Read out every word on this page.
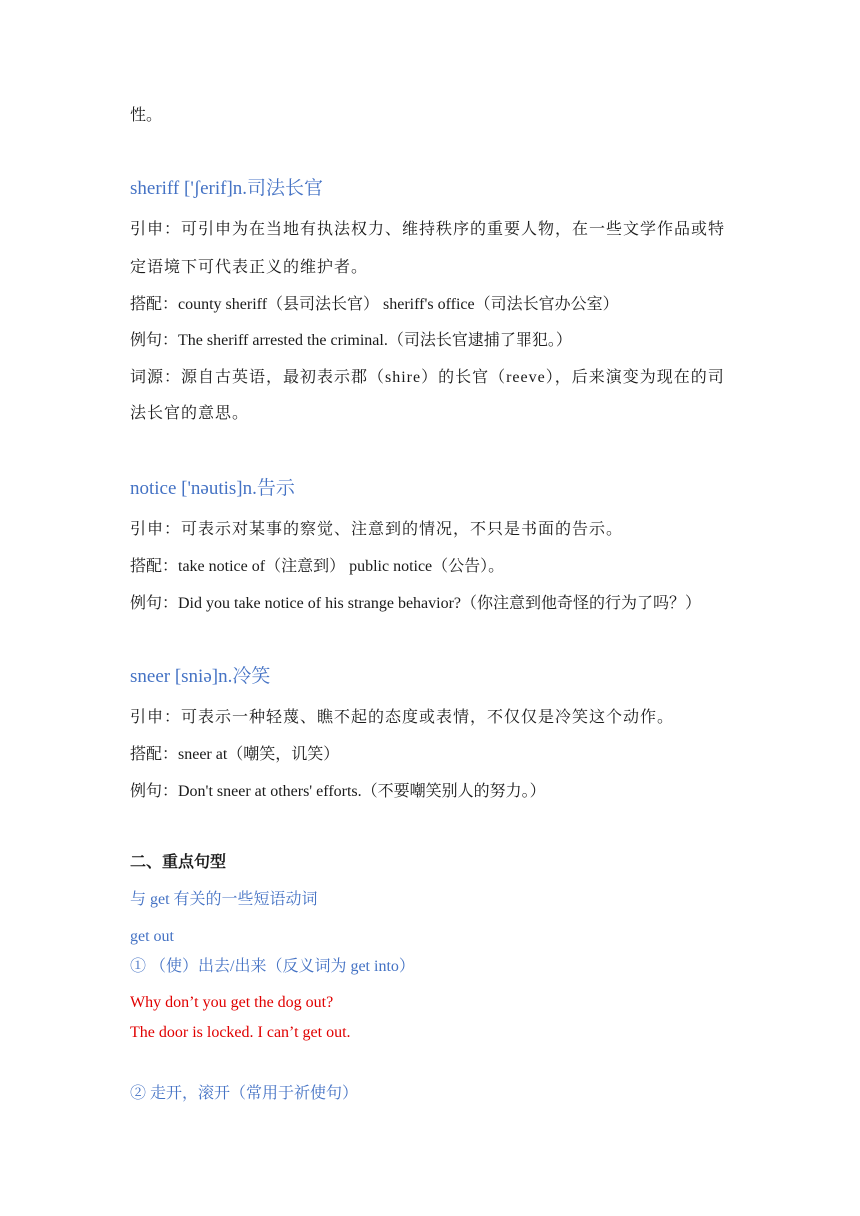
性。
sheriff ['ʃerif]n.司法长官
引申：可引申为在当地有执法权力、维持秩序的重要人物，在一些文学作品或特
定语境下可代表正义的维护者。
搭配：county sheriff（县司法长官） sheriff's office（司法长官办公室）
例句：The sheriff arrested the criminal.（司法长官逮捕了罪犯。）
词源：源自古英语，最初表示郡（shire）的长官（reeve），后来演变为现在的司
法长官的意思。
notice ['nəutis]n.告示
引申：可表示对某事的察觉、注意到的情况，不只是书面的告示。
搭配：take notice of（注意到） public notice（公告）。
例句：Did you take notice of his strange behavior?（你注意到他奇怪的行为了吗？）
sneer [sniə]n.冷笑
引申：可表示一种轻蔑、瞧不起的态度或表情，不仅仅是冷笑这个动作。
搭配：sneer at（嘲笑，讥笑）
例句：Don't sneer at others' efforts.（不要嘲笑别人的努力。）
二、重点句型
与 get 有关的一些短语动词
get out
① （使）出去/出来（反义词为 get into）
Why don’t you get the dog out?
The door is locked. I can’t get out.
② 走开，滚开（常用于祈使句）
